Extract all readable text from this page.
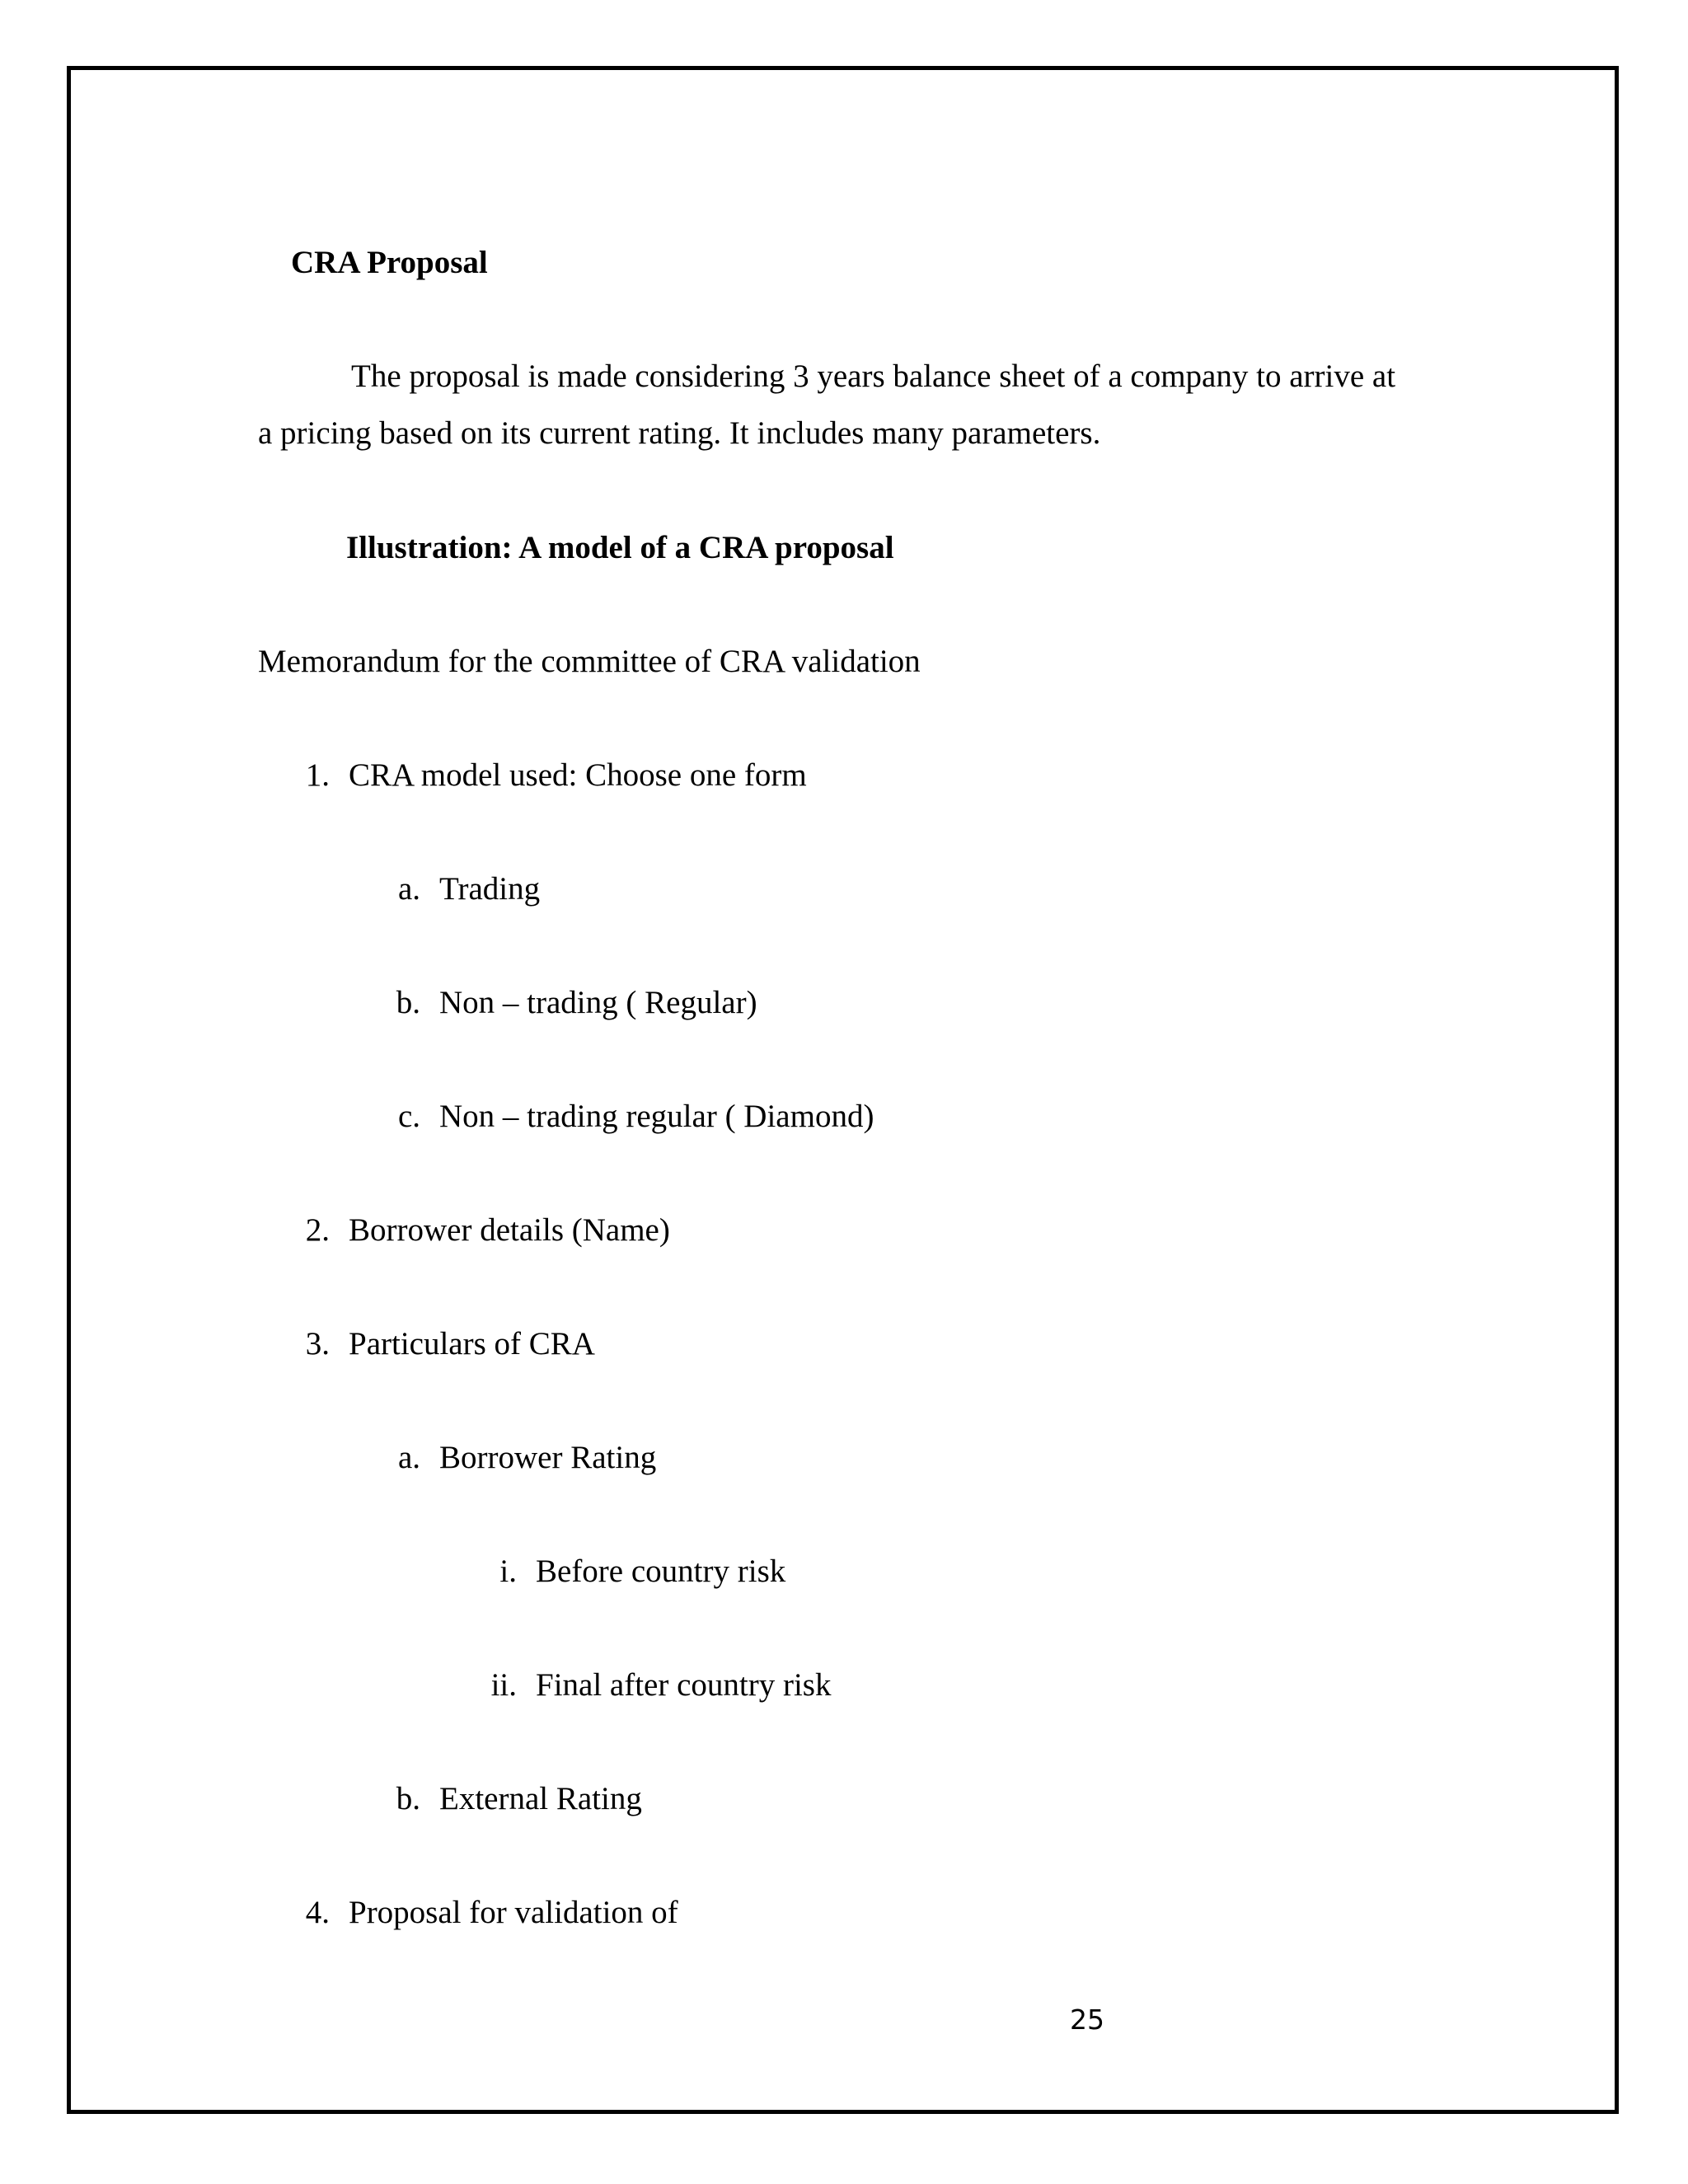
CRA Proposal
The proposal is made considering 3 years balance sheet of a company to arrive at
a pricing based on its current rating. It includes many parameters.
Illustration: A model of a CRA proposal
Memorandum for the committee of CRA validation
1. CRA model used: Choose one form
a. Trading
b. Non – trading ( Regular)
c. Non – trading regular ( Diamond)
2. Borrower details (Name)
3. Particulars of CRA
a. Borrower Rating
i. Before country risk
ii. Final after country risk
b. External Rating
4. Proposal for validation of
25
